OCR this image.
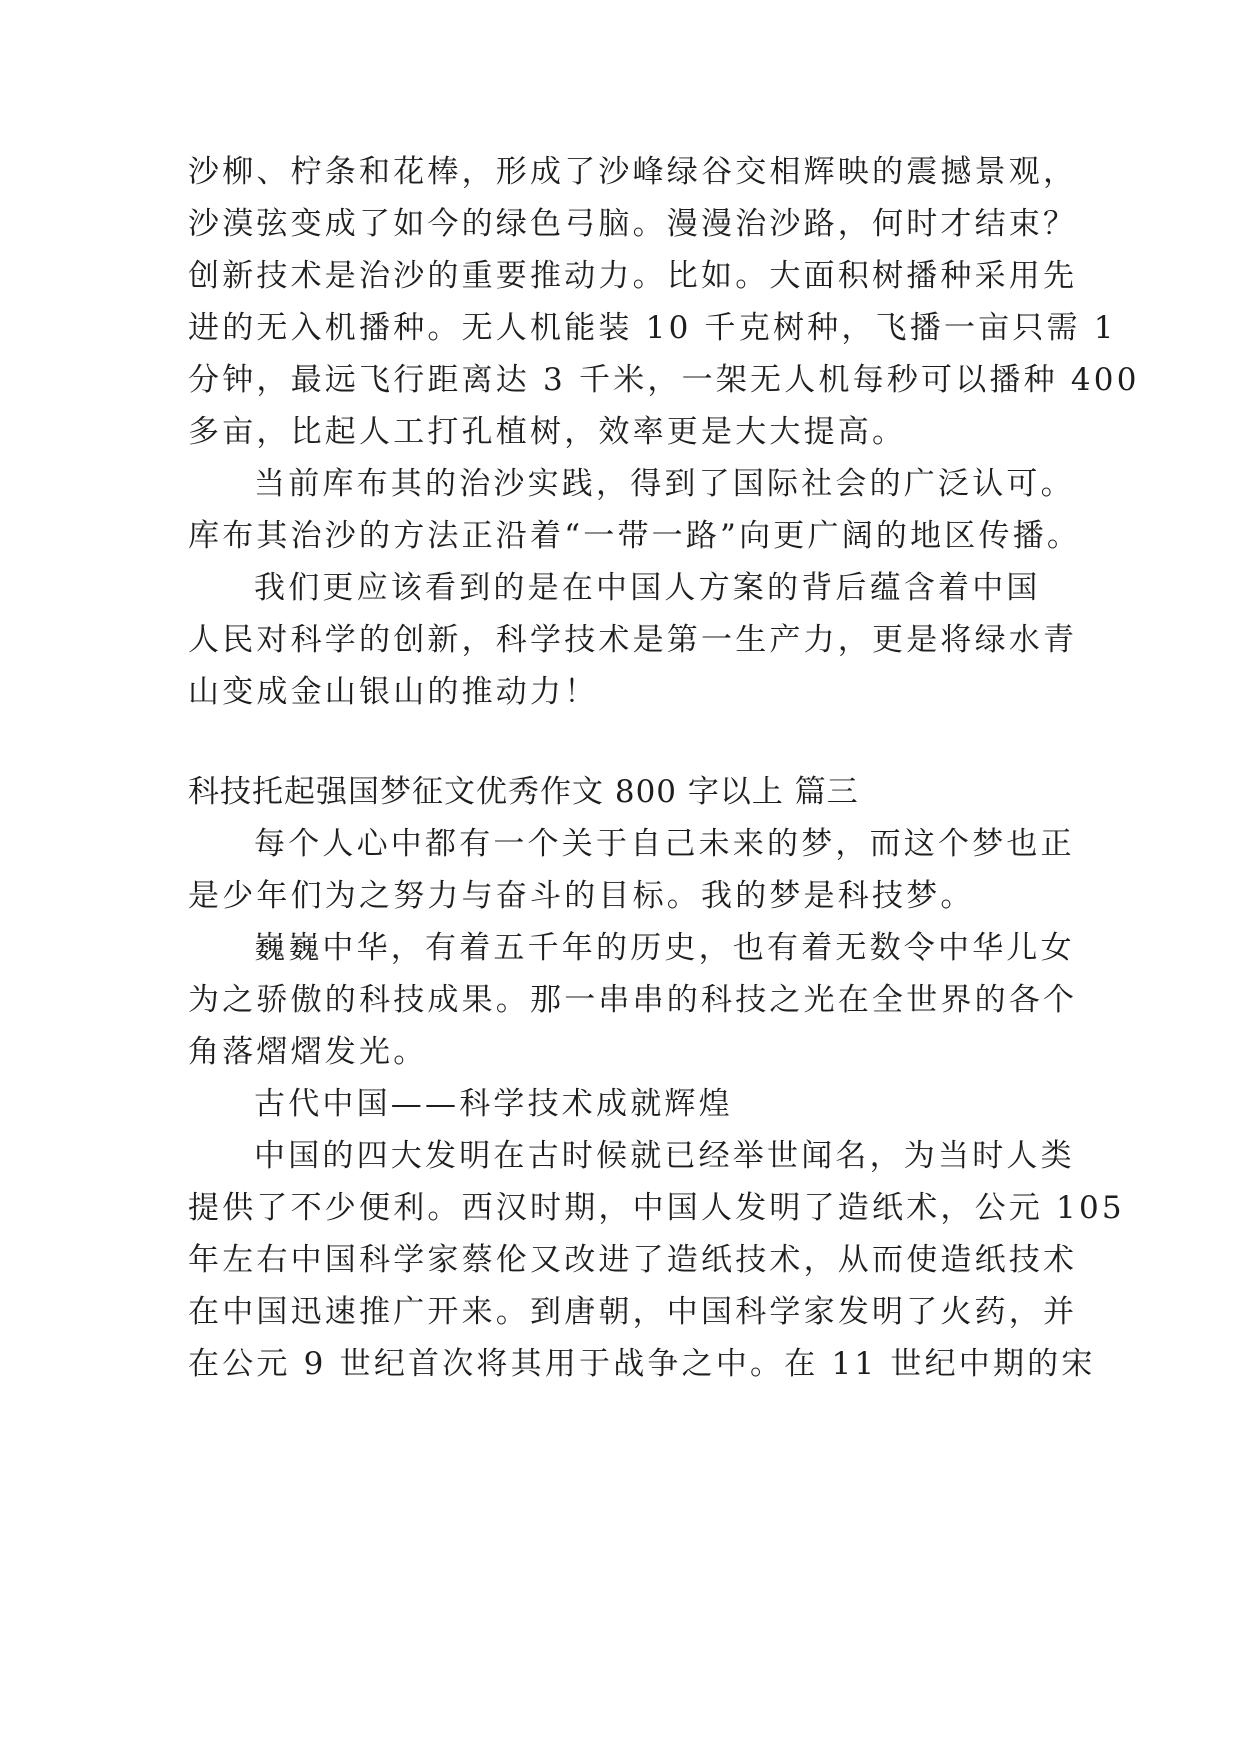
沙柳、柠条和花棒，形成了沙峰绿谷交相辉映的震撼景观，
沙漠弦变成了如今的绿色弓脑。漫漫治沙路，何时才结束？
创新技术是治沙的重要推动力。比如。大面积树播种采用先
进的无入机播种。无人机能装 10 千克树种，飞播一亩只需 1
分钟，最远飞行距离达 3 千米，一架无人机每秒可以播种 400
多亩，比起人工打孔植树，效率更是大大提高。
当前库布其的治沙实践，得到了国际社会的广泛认可。
库布其治沙的方法正沿着“一带一路”向更广阔的地区传播。
我们更应该看到的是在中国人方案的背后蕴含着中国
人民对科学的创新，科学技术是第一生产力，更是将绿水青
山变成金山银山的推动力！
科技托起强国梦征文优秀作文 800 字以上 篇三
每个人心中都有一个关于自己未来的梦，而这个梦也正
是少年们为之努力与奋斗的目标。我的梦是科技梦。
巍巍中华，有着五千年的历史，也有着无数令中华儿女
为之骄傲的科技成果。那一串串的科技之光在全世界的各个
角落熠熠发光。
古代中国——科学技术成就辉煌
中国的四大发明在古时候就已经举世闻名，为当时人类
提供了不少便利。西汉时期，中国人发明了造纸术，公元 105
年左右中国科学家蔡伦又改进了造纸技术，从而使造纸技术
在中国迅速推广开来。到唐朝，中国科学家发明了火药，并
在公元 9 世纪首次将其用于战争之中。在 11 世纪中期的宋
